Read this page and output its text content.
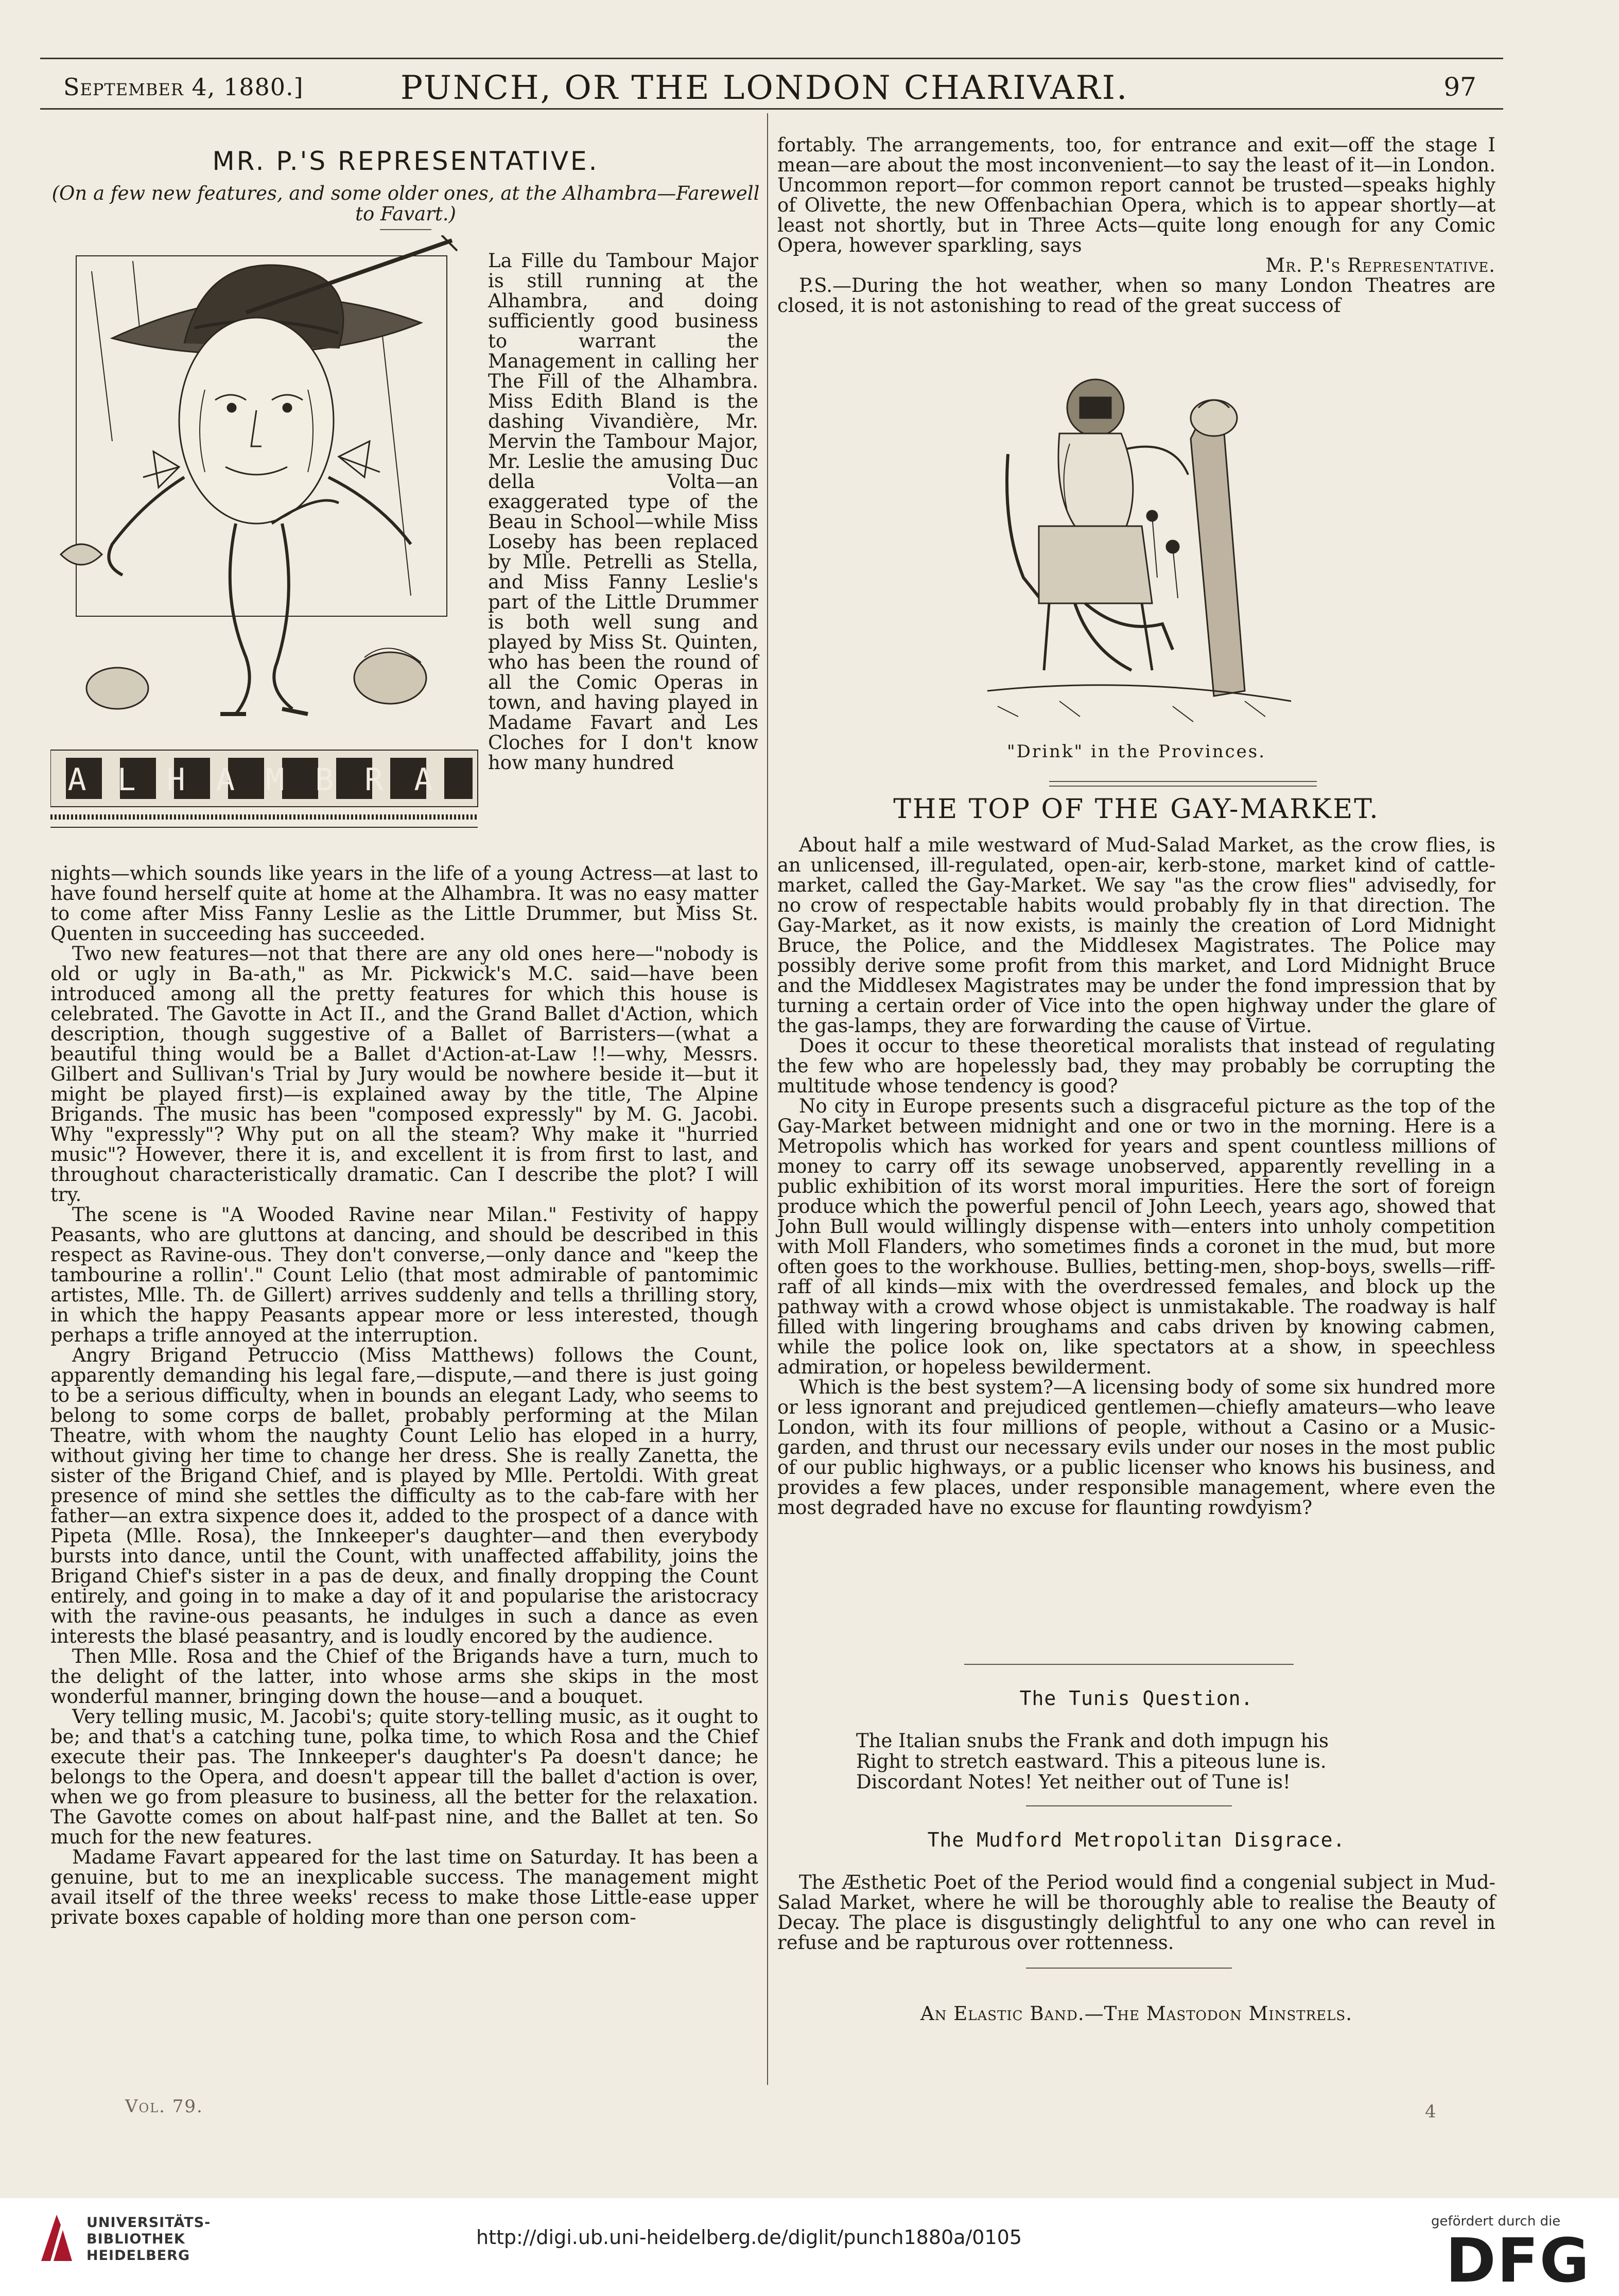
September 4, 1880.]	PUNCH, OR THE LONDON CHARIVARI.	97
MR. P.'S REPRESENTATIVE.
(On a few new features, and some older ones, at the Alhambra—Farewell to Favart.)
ALHAMBRA

La Fille du Tambour Major is still running at the Alhambra, and doing sufficiently good business to warrant the Management in calling her The Fill of the Alhambra. Miss Edith Bland is the dashing Vivandière, Mr. Mervin the Tambour Major, Mr. Leslie the amusing Duc della Volta—an exaggerated type of the Beau in School—while Miss Loseby has been replaced by Mlle. Petrelli as Stella, and Miss Fanny Leslie's part of the Little Drummer is both well sung and played by Miss St. Quinten, who has been the round of all the Comic Operas in town, and having played in Madame Favart and Les Cloches for I don't know how many hundred

nights—which sounds like years in the life of a young Actress—at last to have found herself quite at home at the Alhambra. It was no easy matter to come after Miss Fanny Leslie as the Little Drummer, but Miss St. Quenten in succeeding has succeeded.

Two new features—not that there are any old ones here—"nobody is old or ugly in Ba-ath," as Mr. Pickwick's M.C. said—have been introduced among all the pretty features for which this house is celebrated. The Gavotte in Act II., and the Grand Ballet d'Action, which description, though suggestive of a Ballet of Barristers—(what a beautiful thing would be a Ballet d'Action-at-Law !!—why, Messrs. Gilbert and Sullivan's Trial by Jury would be nowhere beside it—but it might be played first)—is explained away by the title, The Alpine Brigands. The music has been "composed expressly" by M. G. Jacobi. Why "expressly"? Why put on all the steam? Why make it "hurried music"? However, there it is, and excellent it is from first to last, and throughout characteristically dramatic. Can I describe the plot? I will try.

The scene is "A Wooded Ravine near Milan." Festivity of happy Peasants, who are gluttons at dancing, and should be described in this respect as Ravine-ous. They don't converse,—only dance and "keep the tambourine a rollin'." Count Lelio (that most admirable of pantomimic artistes, Mlle. Th. de Gillert) arrives suddenly and tells a thrilling story, in which the happy Peasants appear more or less interested, though perhaps a trifle annoyed at the interruption.

Angry Brigand Petruccio (Miss Matthews) follows the Count, apparently demanding his legal fare,—dispute,—and there is just going to be a serious difficulty, when in bounds an elegant Lady, who seems to belong to some corps de ballet, probably performing at the Milan Theatre, with whom the naughty Count Lelio has eloped in a hurry, without giving her time to change her dress. She is really Zanetta, the sister of the Brigand Chief, and is played by Mlle. Pertoldi. With great presence of mind she settles the difficulty as to the cab-fare with her father—an extra sixpence does it, added to the prospect of a dance with Pipeta (Mlle. Rosa), the Innkeeper's daughter—and then everybody bursts into dance, until the Count, with unaffected affability, joins the Brigand Chief's sister in a pas de deux, and finally dropping the Count entirely, and going in to make a day of it and popularise the aristocracy with the ravine-ous peasants, he indulges in such a dance as even interests the blasé peasantry, and is loudly encored by the audience.

Then Mlle. Rosa and the Chief of the Brigands have a turn, much to the delight of the latter, into whose arms she skips in the most wonderful manner, bringing down the house—and a bouquet.

Very telling music, M. Jacobi's; quite story-telling music, as it ought to be; and that's a catching tune, polka time, to which Rosa and the Chief execute their pas. The Innkeeper's daughter's Pa doesn't dance; he belongs to the Opera, and doesn't appear till the ballet d'action is over, when we go from pleasure to business, all the better for the relaxation. The Gavotte comes on about half-past nine, and the Ballet at ten. So much for the new features.

Madame Favart appeared for the last time on Saturday. It has been a genuine, but to me an inexplicable success. The management might avail itself of the three weeks' recess to make those Little-ease upper private boxes capable of holding more than one person com-

fortably. The arrangements, too, for entrance and exit—off the stage I mean—are about the most inconvenient—to say the least of it—in London. Uncommon report—for common report cannot be trusted—speaks highly of Olivette, the new Offenbachian Opera, which is to appear shortly—at least not shortly, but in Three Acts—quite long enough for any Comic Opera, however sparkling, says

Mr. P.'s Representative.

P.S.—During the hot weather, when so many London Theatres are closed, it is not astonishing to read of the great success of

"Drink" in the Provinces.
THE TOP OF THE GAY-MARKET.

About half a mile westward of Mud-Salad Market, as the crow flies, is an unlicensed, ill-regulated, open-air, kerb-stone, market kind of cattle-market, called the Gay-Market. We say "as the crow flies" advisedly, for no crow of respectable habits would probably fly in that direction. The Gay-Market, as it now exists, is mainly the creation of Lord Midnight Bruce, the Police, and the Middlesex Magistrates. The Police may possibly derive some profit from this market, and Lord Midnight Bruce and the Middlesex Magistrates may be under the fond impression that by turning a certain order of Vice into the open highway under the glare of the gas-lamps, they are forwarding the cause of Virtue.

Does it occur to these theoretical moralists that instead of regulating the few who are hopelessly bad, they may probably be corrupting the multitude whose tendency is good?

No city in Europe presents such a disgraceful picture as the top of the Gay-Market between midnight and one or two in the morning. Here is a Metropolis which has worked for years and spent countless millions of money to carry off its sewage unobserved, apparently revelling in a public exhibition of its worst moral impurities. Here the sort of foreign produce which the powerful pencil of John Leech, years ago, showed that John Bull would willingly dispense with—enters into unholy competition with Moll Flanders, who sometimes finds a coronet in the mud, but more often goes to the workhouse. Bullies, betting-men, shop-boys, swells—riff-raff of all kinds—mix with the overdressed females, and block up the pathway with a crowd whose object is unmistakable. The roadway is half filled with lingering broughams and cabs driven by knowing cabmen, while the police look on, like spectators at a show, in speechless admiration, or hopeless bewilderment.

Which is the best system?—A licensing body of some six hundred more or less ignorant and prejudiced gentlemen—chiefly amateurs—who leave London, with its four millions of people, without a Casino or a Music-garden, and thrust our necessary evils under our noses in the most public of our public highways, or a public licenser who knows his business, and provides a few places, under responsible management, where even the most degraded have no excuse for flaunting rowdyism?

The Tunis Question.
The Italian snubs the Frank and doth impugn his
Right to stretch eastward. This a piteous lune is.
Discordant Notes! Yet neither out of Tune is!
The Mudford Metropolitan Disgrace.

The Æsthetic Poet of the Period would find a congenial subject in Mud-Salad Market, where he will be thoroughly able to realise the Beauty of Decay. The place is disgustingly delightful to any one who can revel in refuse and be rapturous over rottenness.

An Elastic Band.—The Mastodon Minstrels.
Vol. 79.	4
UNIVERSITÄTS-
BIBLIOTHEK
HEIDELBERG
http://digi.ub.uni-heidelberg.de/diglit/punch1880a/0105
gefördert durch die
DFG
